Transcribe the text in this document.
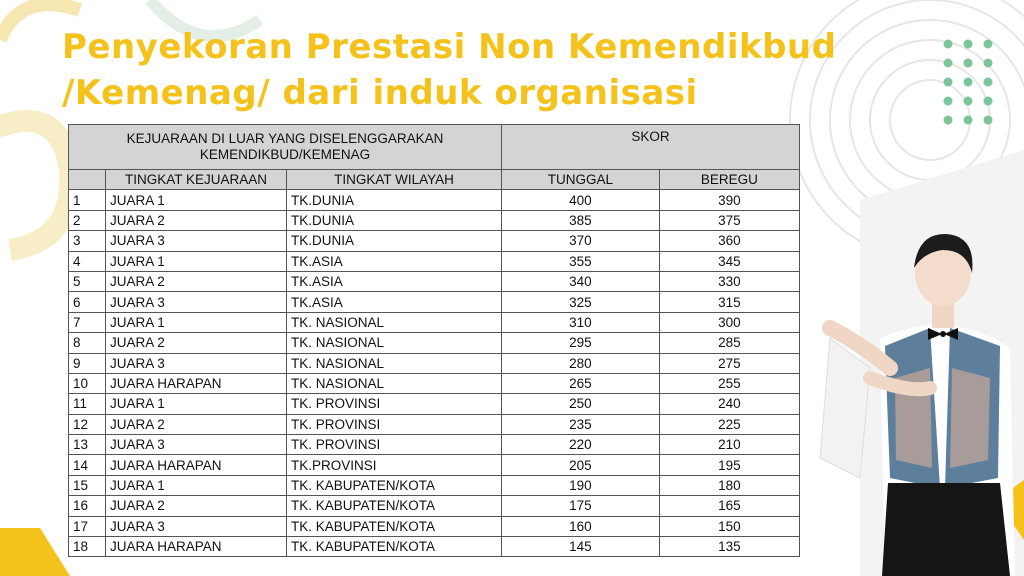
Penyekoran Prestasi Non Kemendikbud
/Kemenag/ dari induk organisasi
KEJUARAAN DI LUAR YANG DISELENGGARAKAN KEMENDIKBUD/KEMENAG			SKOR	
	TINGKAT KEJUARAAN	TINGKAT WILAYAH	TUNGGAL	BEREGU
1	JUARA 1	TK.DUNIA	400	390
2	JUARA 2	TK.DUNIA	385	375
3	JUARA 3	TK.DUNIA	370	360
4	JUARA 1	TK.ASIA	355	345
5	JUARA 2	TK.ASIA	340	330
6	JUARA 3	TK.ASIA	325	315
7	JUARA 1	TK. NASIONAL	310	300
8	JUARA 2	TK. NASIONAL	295	285
9	JUARA 3	TK. NASIONAL	280	275
10	JUARA HARAPAN	TK. NASIONAL	265	255
11	JUARA 1	TK. PROVINSI	250	240
12	JUARA 2	TK. PROVINSI	235	225
13	JUARA 3	TK. PROVINSI	220	210
14	JUARA HARAPAN	TK.PROVINSI	205	195
15	JUARA 1	TK. KABUPATEN/KOTA	190	180
16	JUARA 2	TK. KABUPATEN/KOTA	175	165
17	JUARA 3	TK. KABUPATEN/KOTA	160	150
18	JUARA HARAPAN	TK. KABUPATEN/KOTA	145	135
